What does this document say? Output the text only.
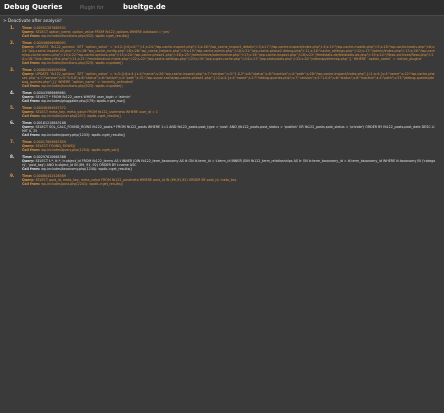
Debug Queries	Plugin for	bueltge.de
> Deactivate after analysis!
1. Time: 0.00502287669531
Query: SELECT option_name, option_value FROM fb122_options WHERE autoload = 'yes'
Call from: wp-includes/functions.php(452): wpdb->get_results()
2. Time: 0.00046896986091
Query: UPDATE `fb122_options` SET `option_value` = 'a:12:{i:0;s:0:"";i:1;s:24:"/wp-cache-inspect.php";i:2;s:26:"/wp_cache_inspect_details";i:3;s:17:"/wp-cache-inspect/index.php";i:4;s:15:"/wp-cache-mobile.php";i:5;s:18:"wp-cache-hooks.php";i:6;s:24:"/wp-cache-inspect-v2.php";i:7;s:16:"wp_cache_config.php";i:8;s:26:"wp_cache_helpers.php";i:9;s:19:"/wp-cache-admin.php";i:10;s:31:"/wp-cache-phase2-debug.php";i:11;s:18:"cache_settings.php";i:12;s:17:"/admin/index.php";i:13;s:28:"/wp-cache/wp-cache-menu.php";i:14;s:22:"wp-cache-options.php";i:15;s:20:"/wp-cache-phase1.php";i:16;s:25:"/adminimize/adminimize.php";i:17;s:19:"/wp-cache-inspect.php";i:18;s:22:"/feedstats-de/feedstats-de.php";i:19;s:24:"/flexo-archives/flexo.php";i:20;s:18:"/link-library/link.php";i:21;s:21:"/maintenance-mode.php";i:22;s:22:"/wp-cache-settings.php";i:23;s:19:"/wp-super-cache.php";i:24;s:17:"/wp-stats/stats.php";i:25;s:20:"/sitemap/sitemap.php";}' WHERE `option_name` = 'active_plugins'
Call from: wp-includes/functions.php(525): wpdb->update()
3. Time: 0.00062509059906
Query: UPDATE `fb122_options` SET `option_value` = 'a:3:{i:0;a:4:{s:4:"name";s:20:"wp-cache-inspect.php";s:7:"version";s:5:"1.0.2";s:6:"status";s:8:"inactive";s:4:"path";s:28:"/wp-cache-inspect/index.php";}i:1;a:4:{s:4:"name";s:22:"wp-cache-phase1.php";s:7:"version";s:5:"0.9.8";s:6:"status";s:6:"active";s:4:"path";s:31:"/wp-super-cache/wp-cache-phase1.php";}i:2;a:4:{s:4:"name";s:17:"debug-queries.php";s:7:"version";s:5:"1.0.0";s:6:"status";s:8:"inactive";s:4:"path";s:33:"/debug-queries/debug_queries.php";}}' WHERE `option_name` = 'recently_activated'
Call from: wp-includes/functions.php(525): wpdb->update()
4. Time: 0.00043988669861
Query: SELECT * FROM fb122_users WHERE user_login = 'admin'
Call from: wp-includes/pluggable.php(179): wpdb->get_row()
5. Time: 0.00048494947572
Query: SELECT meta_key, meta_value FROM fb122_usermeta WHERE user_id = 1
Call from: wp-includes/user.php(257): wpdb->get_results()
6. Time: 0.00161218643188
Query: SELECT SQL_CALC_FOUND_ROWS fb122_posts.* FROM fb122_posts WHERE 1=1 AND fb122_posts.post_type = 'post' AND (fb122_posts.post_status = 'publish' OR fb122_posts.post_status = 'private') ORDER BY fb122_posts.post_date DESC LIMIT 0, 25
Call from: wp-includes/query.php(1243): wpdb->get_results()
7. Time: 0.00017809867859
Query: SELECT FOUND_ROWS()
Call from: wp-includes/query.php(1254): wpdb->get_var()
8. Time: 0.00297610664368
Query: SELECT t.*, tt.*, tr.object_id FROM fb122_terms AS t INNER JOIN fb122_term_taxonomy AS tt ON tt.term_id = t.term_id INNER JOIN fb122_term_relationships AS tr ON tr.term_taxonomy_id = tt.term_taxonomy_id WHERE tt.taxonomy IN ('category', 'post_tag') AND tr.object_id IN (89, 91, 92) ORDER BY t.name ASC
Call from: wp-includes/taxonomy.php(1240): wpdb->get_results()
9. Time: 0.00080442428589
Query: SELECT post_id, meta_key, meta_value FROM fb122_postmeta WHERE post_id IN (89,91,92) ORDER BY post_id, meta_key
Call from: wp-includes/post.php(2201): wpdb->get_results()
